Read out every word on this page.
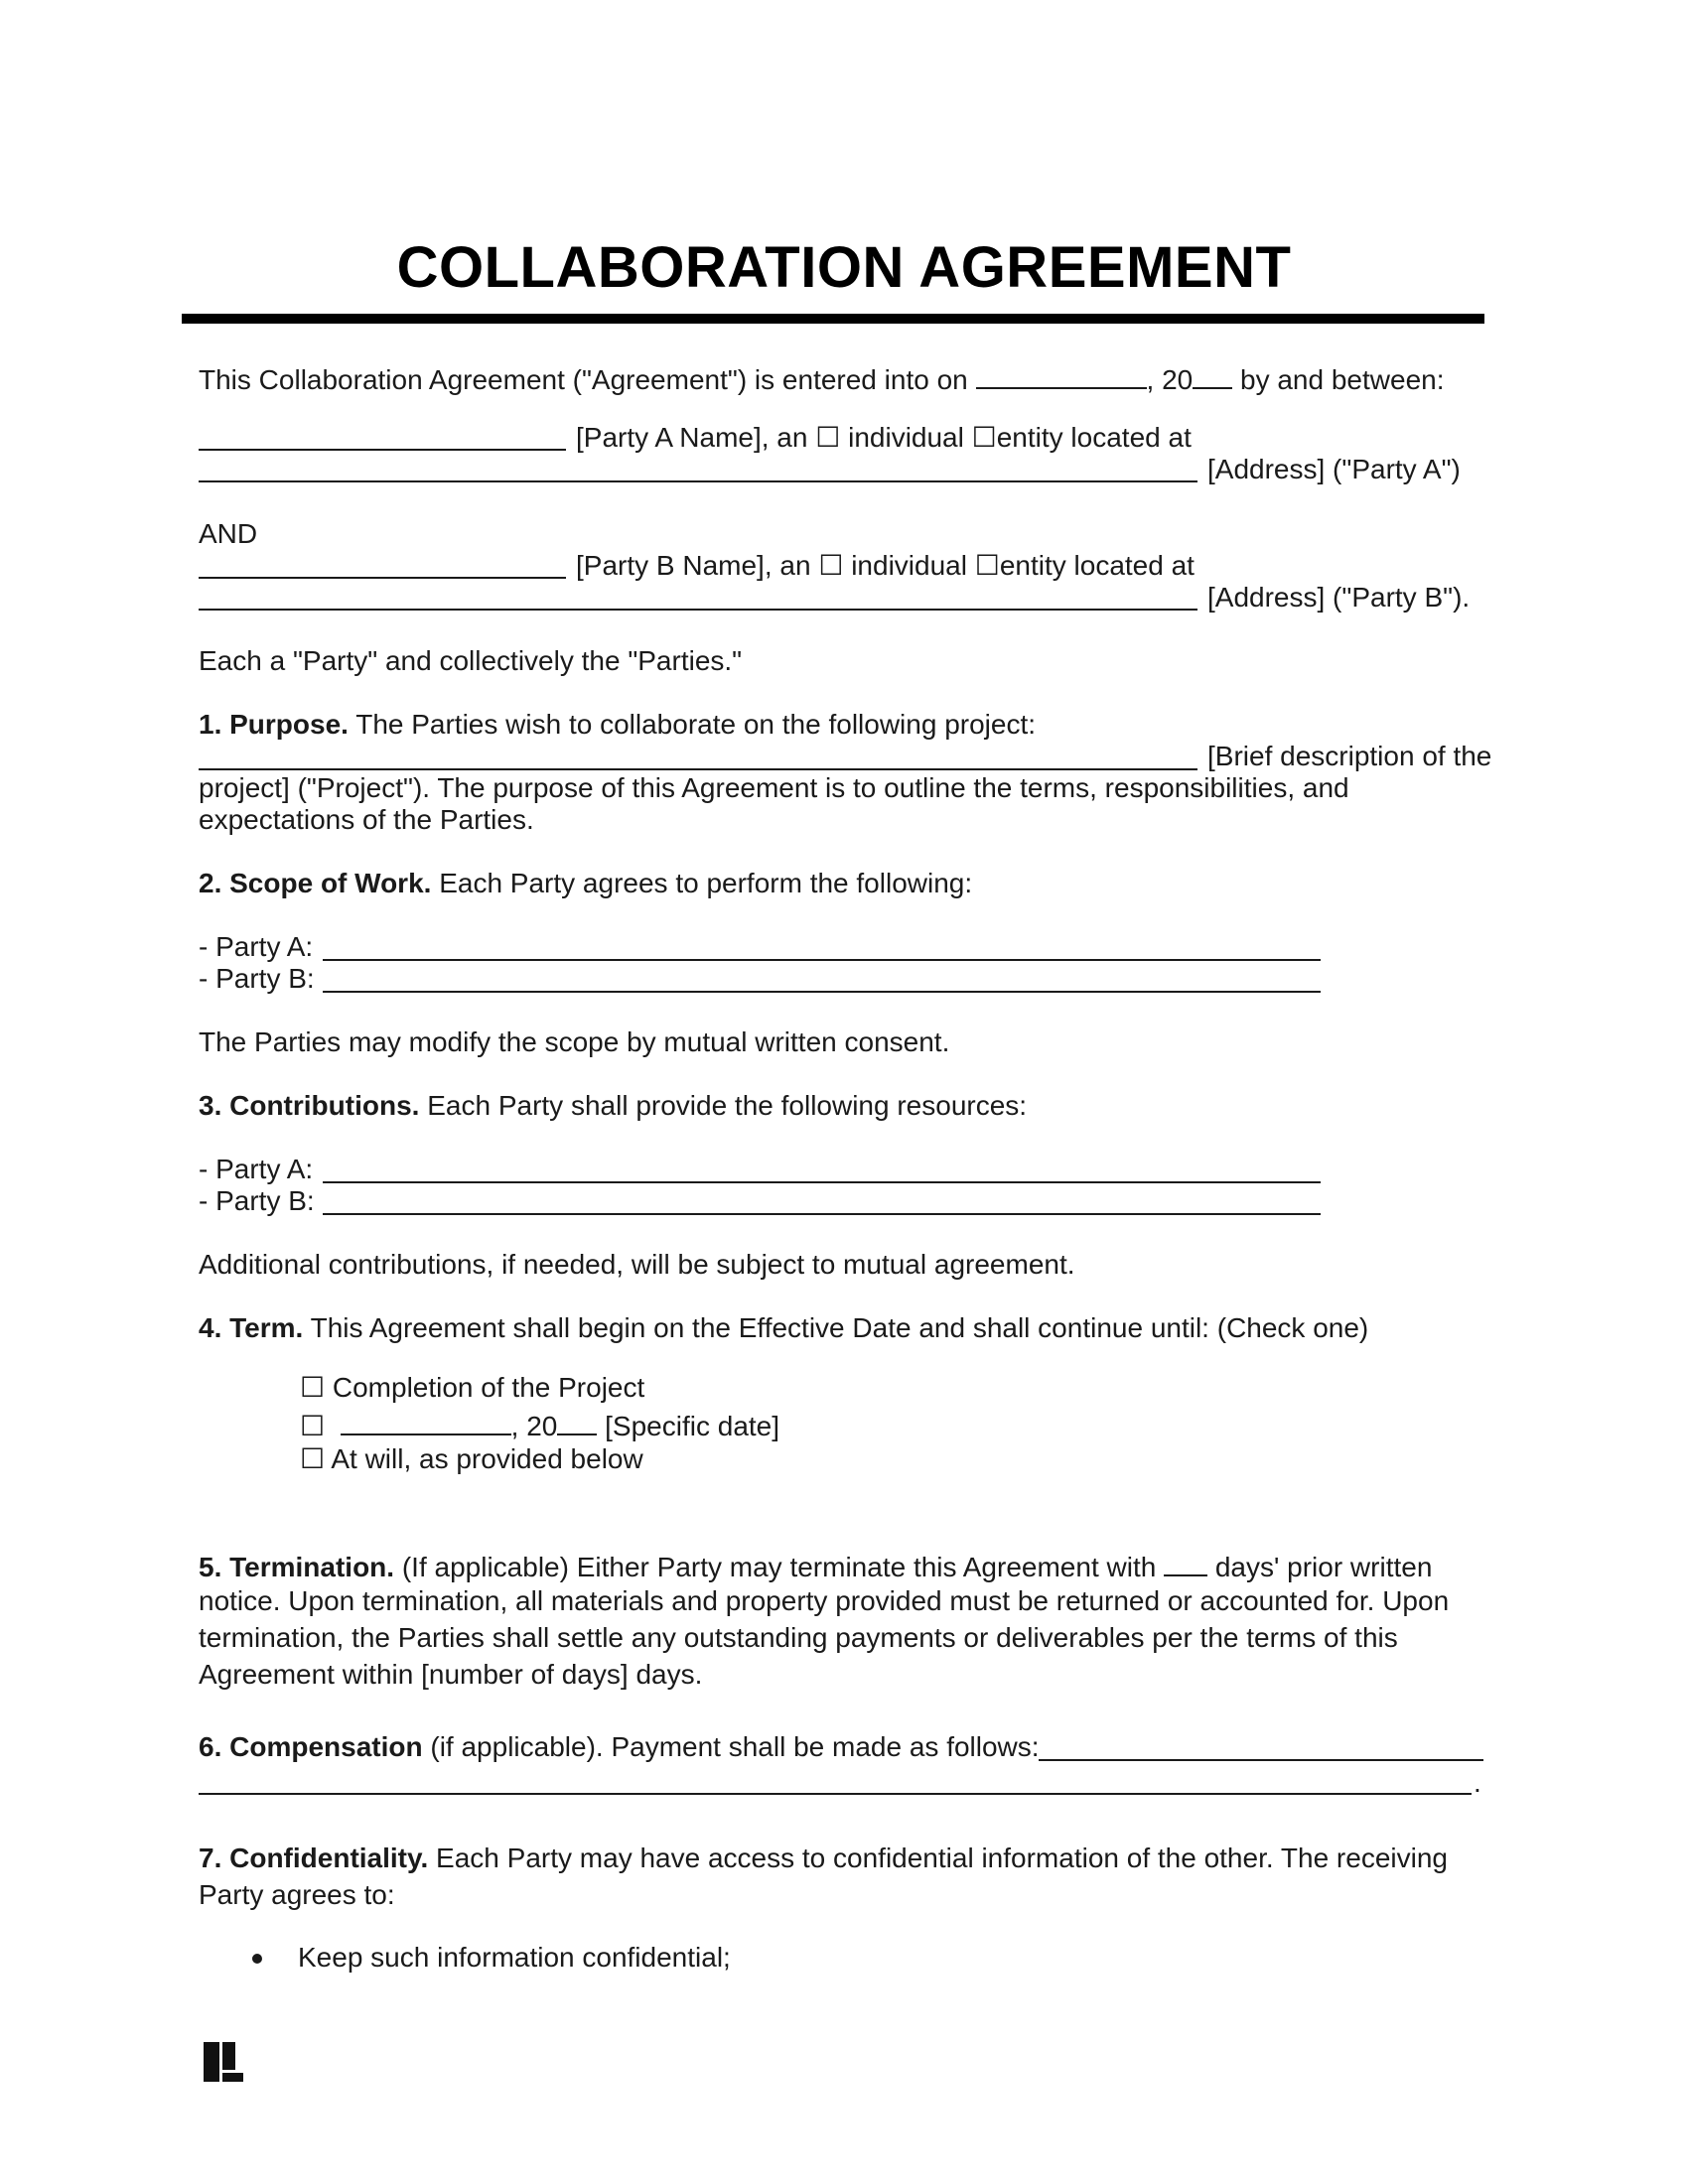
COLLABORATION AGREEMENT
This Collaboration Agreement ("Agreement") is entered into on	, 20 by and between:
[Party A Name], an ☐ individual ☐entity located at
[Address] ("Party A")
AND
[Party B Name], an ☐ individual ☐entity located at
[Address] ("Party B").
Each a "Party" and collectively the "Parties."
1. Purpose. The Parties wish to collaborate on the following project:
[Brief description of the
project] ("Project"). The purpose of this Agreement is to outline the terms, responsibilities, and
expectations of the Parties.
2. Scope of Work. Each Party agrees to perform the following:
- Party A:
- Party B:
The Parties may modify the scope by mutual written consent.
3. Contributions. Each Party shall provide the following resources:
- Party A:
- Party B:
Additional contributions, if needed, will be subject to mutual agreement.
4. Term. This Agreement shall begin on the Effective Date and shall continue until: (Check one)
☐ Completion of the Project
☐	, 20 [Specific date]
☐ At will, as provided below
5. Termination. (If applicable) Either Party may terminate this Agreement with days' prior written
notice. Upon termination, all materials and property provided must be returned or accounted for. Upon
termination, the Parties shall settle any outstanding payments or deliverables per the terms of this
Agreement within [number of days] days.
6. Compensation (if applicable). Payment shall be made as follows:
.
7. Confidentiality. Each Party may have access to confidential information of the other. The receiving
Party agrees to:
Keep such information confidential;
